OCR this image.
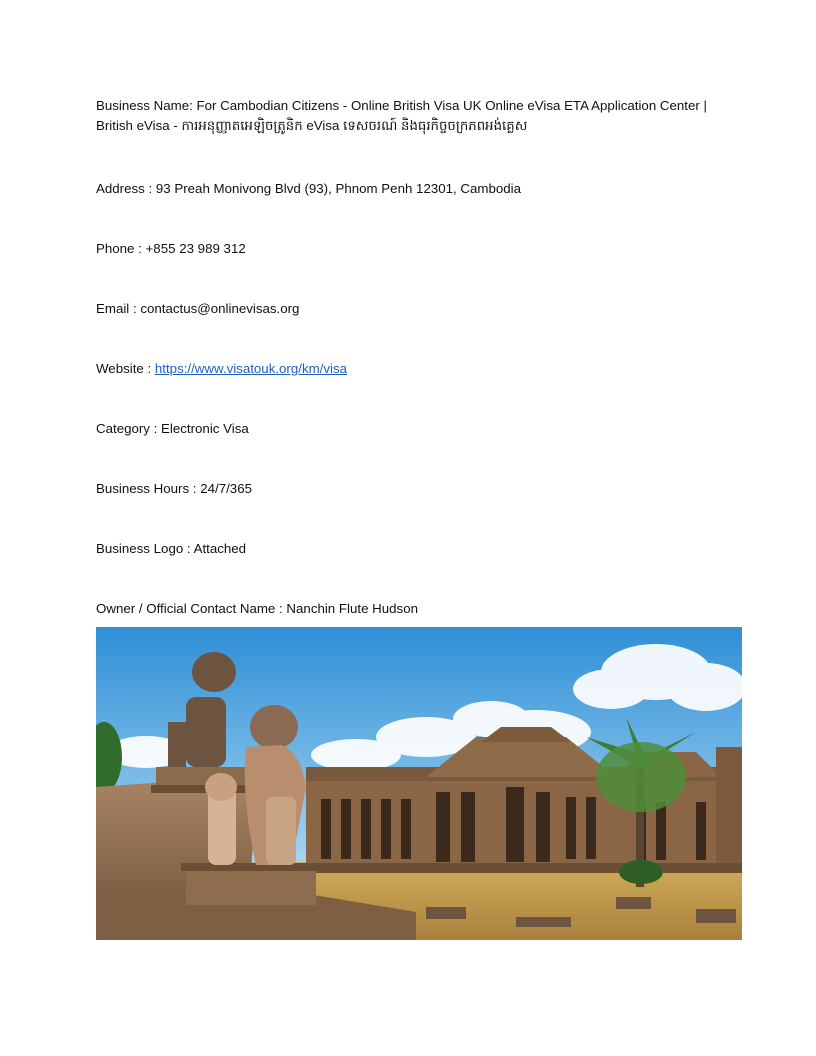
Business Name: For Cambodian Citizens - Online British Visa UK Online eVisa ETA Application Center | British eVisa - ការអនុញ្ញាតអេឡិចត្រូនិក eVisa ទេសចរណ៍ និងធុរកិច្ចចក្រភពអង់គ្លេស

Address : 93 Preah Monivong Blvd (93), Phnom Penh 12301, Cambodia

Phone : +855 23 989 312

Email : contactus@onlinevisas.org

Website : https://www.visatouk.org/km/visa

Category : Electronic Visa

Business Hours : 24/7/365

Business Logo : Attached

Owner / Official Contact Name : Nanchin Flute Hudson
